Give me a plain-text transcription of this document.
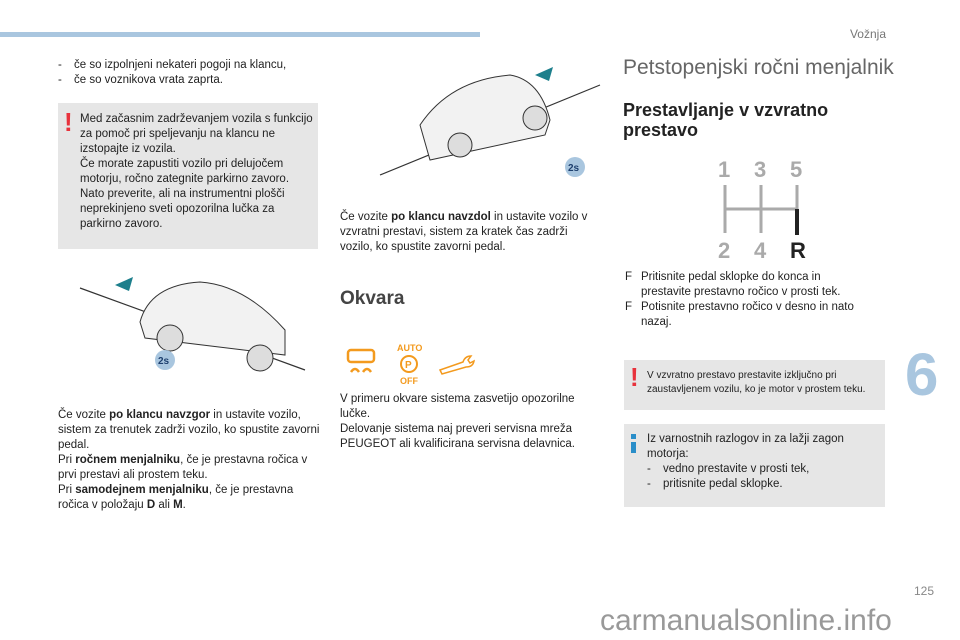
Vožnja
6
125
carmanualsonline.info
-	če so izpolnjeni nekateri pogoji na klancu,
-	če so voznikova vrata zaprta.
! Med začasnim zadrževanjem vozila s funkcijo za pomoč pri speljevanju na klancu ne izstopajte iz vozila.
Če morate zapustiti vozilo pri delujočem motorju, ročno zategnite parkirno zavoro.
Nato preverite, ali na instrumentni plošči neprekinjeno sveti opozorilna lučka za parkirno zavoro.
2s
Če vozite po klancu navzgor in ustavite vozilo, sistem za trenutek zadrži vozilo, ko spustite zavorni pedal.
Pri ročnem menjalniku, če je prestavna ročica v prvi prestavi ali prostem teku.
Pri samodejnem menjalniku, če je prestavna ročica v položaju D ali M.
2s
Če vozite po klancu navzdol in ustavite vozilo v vzvratni prestavi, sistem za kratek čas zadrži vozilo, ko spustite zavorni pedal.
Okvara
AUTO
P
OFF
V primeru okvare sistema zasvetijo opozorilne lučke.
Delovanje sistema naj preveri servisna mreža PEUGEOT ali kvalificirana servisna delavnica.
Petstopenjski ročni menjalnik
Prestavljanje v vzvratno prestavo
1 3 5
2 4 R
F Pritisnite pedal sklopke do konca in prestavite prestavno ročico v prosti tek.
F Potisnite prestavno ročico v desno in nato nazaj.
! V vzvratno prestavo prestavite izključno pri zaustavljenem vozilu, ko je motor v prostem teku.
Iz varnostnih razlogov in za lažji zagon motorja:
-	vedno prestavite v prosti tek,
-	pritisnite pedal sklopke.
